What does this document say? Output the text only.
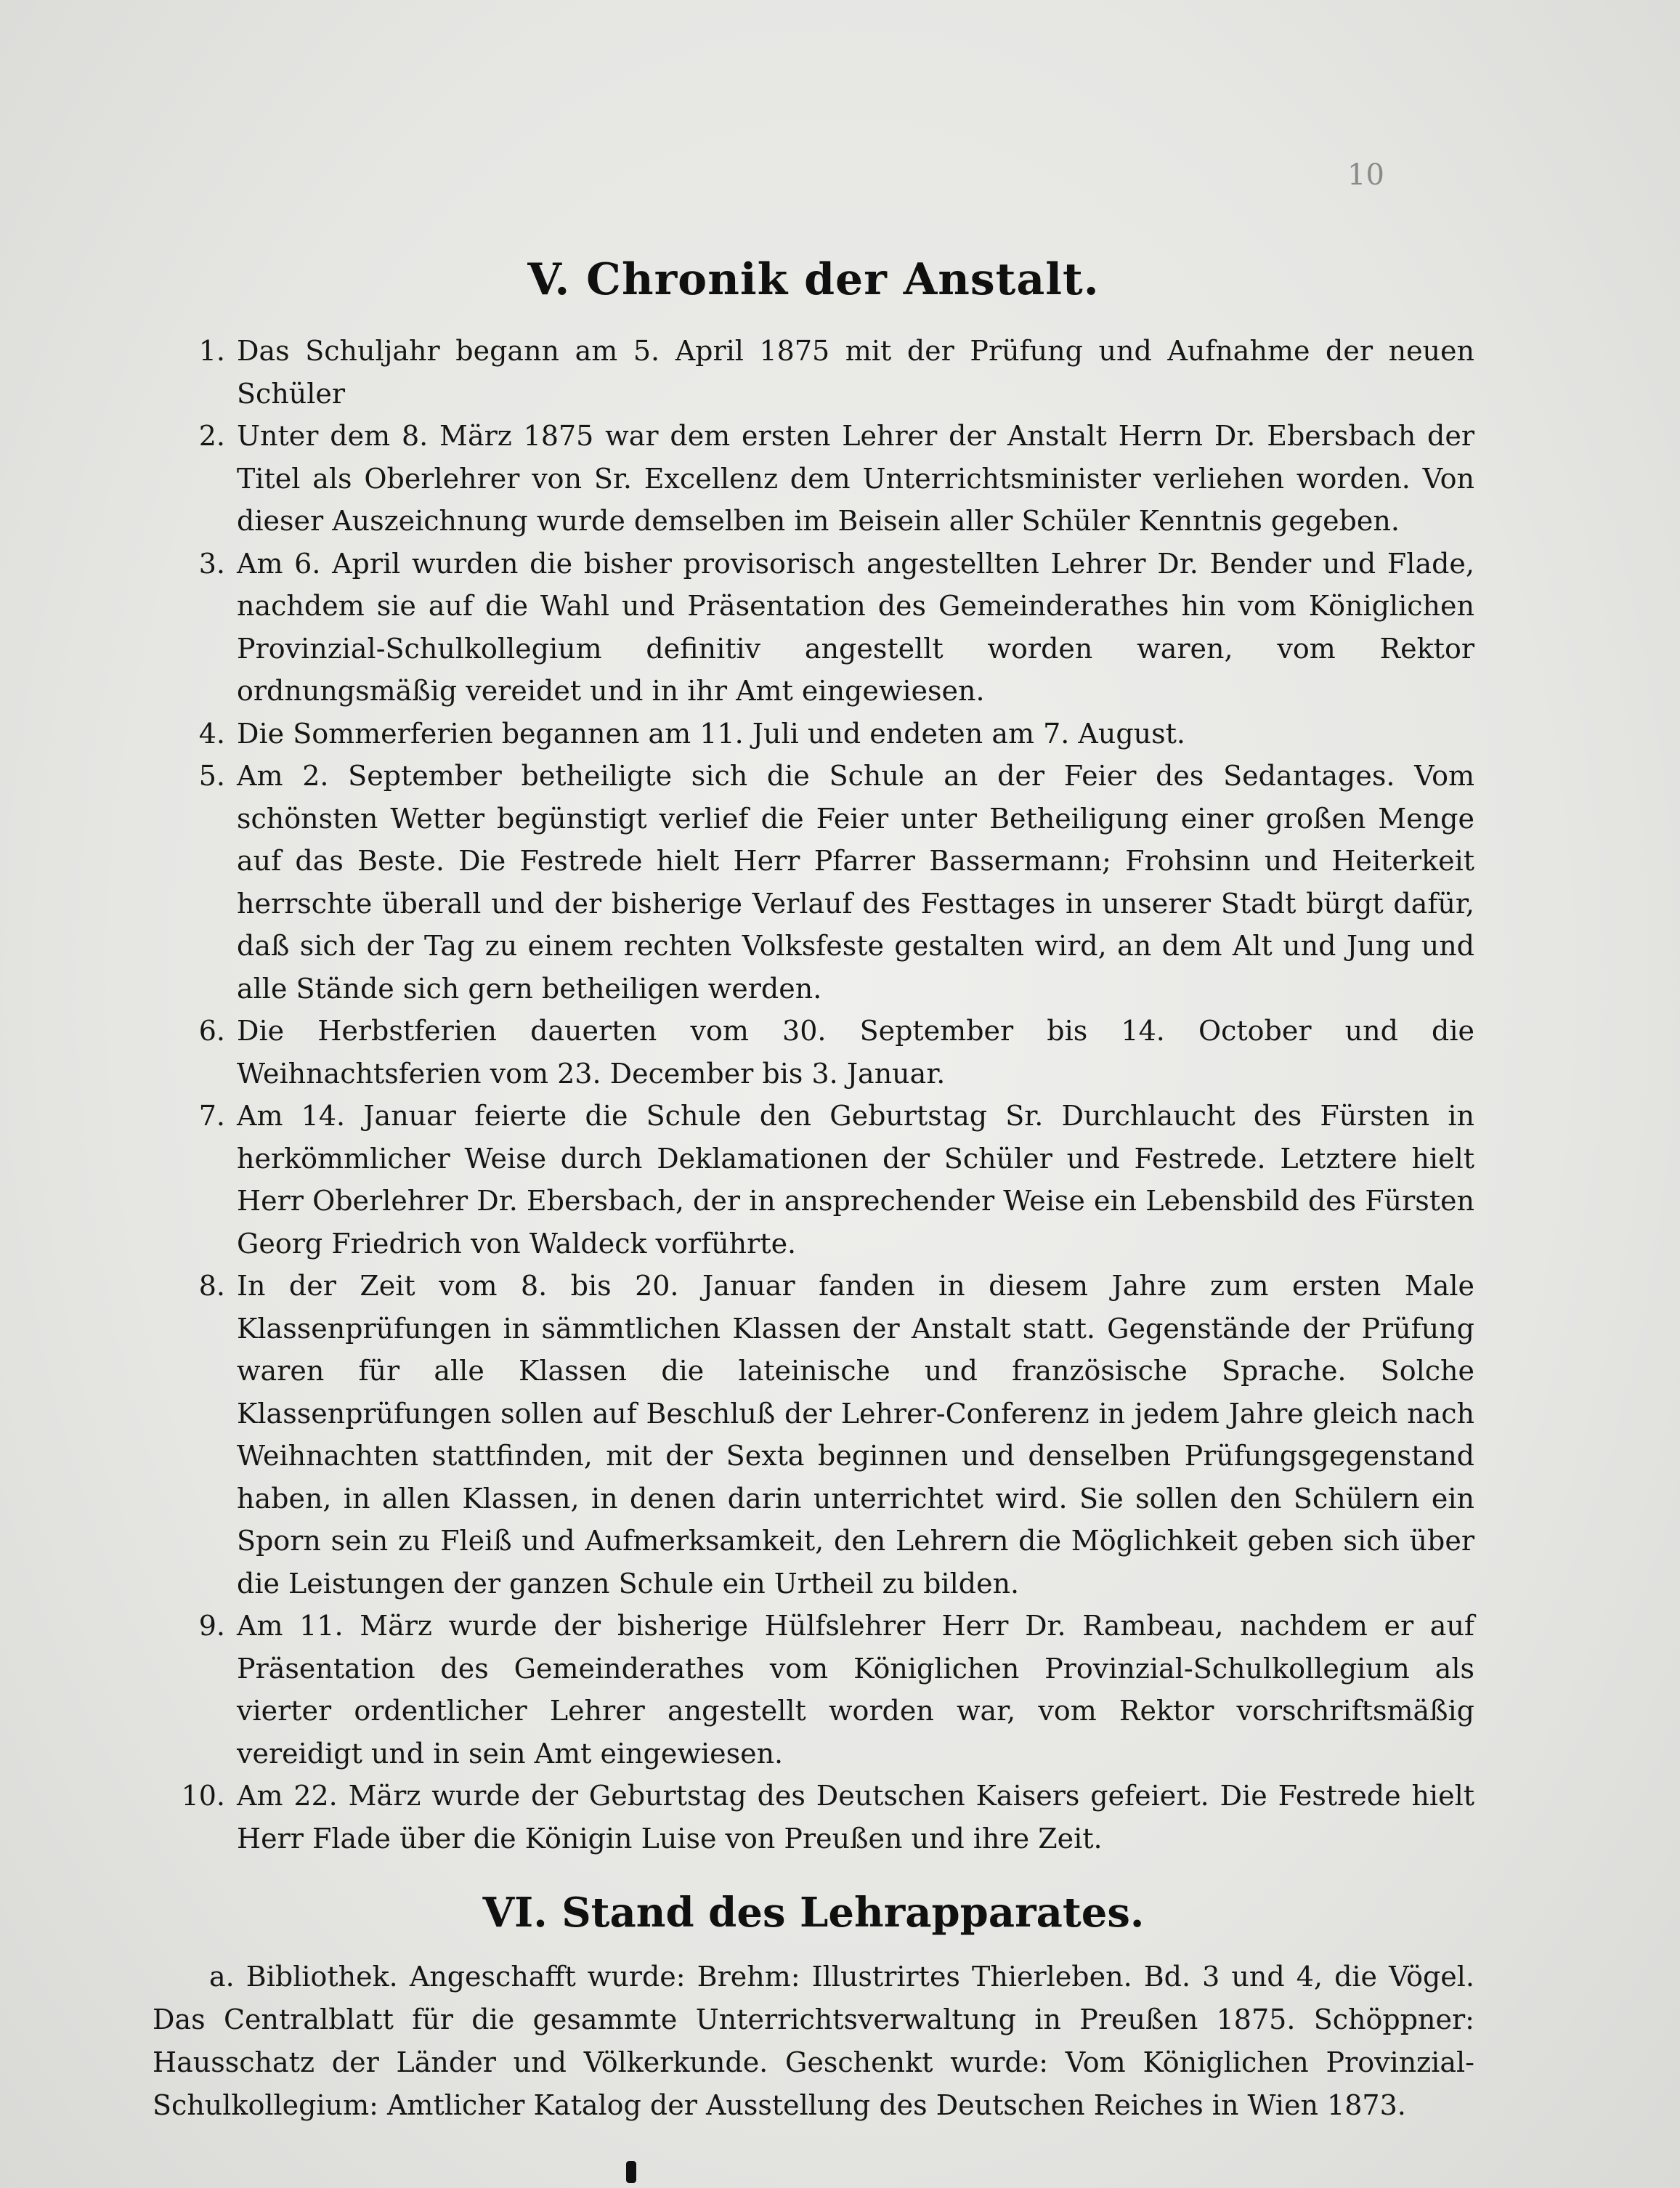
10
V. Chronik der Anstalt.
1. Das Schuljahr begann am 5. April 1875 mit der Prüfung und Aufnahme der neuen Schüler
2. Unter dem 8. März 1875 war dem ersten Lehrer der Anstalt Herrn Dr. Ebersbach der Titel als Oberlehrer von Sr. Excellenz dem Unterrichtsminister verliehen worden. Von dieser Auszeichnung wurde demselben im Beisein aller Schüler Kenntnis gegeben.
3. Am 6. April wurden die bisher provisorisch angestellten Lehrer Dr. Bender und Flade, nachdem sie auf die Wahl und Präsentation des Gemeinderathes hin vom Königlichen Provinzial-Schulkollegium definitiv angestellt worden waren, vom Rektor ordnungsmäßig vereidet und in ihr Amt eingewiesen.
4. Die Sommerferien begannen am 11. Juli und endeten am 7. August.
5. Am 2. September betheiligte sich die Schule an der Feier des Sedantages. Vom schönsten Wetter begünstigt verlief die Feier unter Betheiligung einer großen Menge auf das Beste. Die Festrede hielt Herr Pfarrer Bassermann; Frohsinn und Heiterkeit herrschte überall und der bisherige Verlauf des Festtages in unserer Stadt bürgt dafür, daß sich der Tag zu einem rechten Volksfeste gestalten wird, an dem Alt und Jung und alle Stände sich gern betheiligen werden.
6. Die Herbstferien dauerten vom 30. September bis 14. October und die Weihnachtsferien vom 23. December bis 3. Januar.
7. Am 14. Januar feierte die Schule den Geburtstag Sr. Durchlaucht des Fürsten in herkömmlicher Weise durch Deklamationen der Schüler und Festrede. Letztere hielt Herr Oberlehrer Dr. Ebersbach, der in ansprechender Weise ein Lebensbild des Fürsten Georg Friedrich von Waldeck vorführte.
8. In der Zeit vom 8. bis 20. Januar fanden in diesem Jahre zum ersten Male Klassenprüfungen in sämmtlichen Klassen der Anstalt statt. Gegenstände der Prüfung waren für alle Klassen die lateinische und französische Sprache. Solche Klassenprüfungen sollen auf Beschluß der Lehrer-Conferenz in jedem Jahre gleich nach Weihnachten stattfinden, mit der Sexta beginnen und denselben Prüfungsgegenstand haben, in allen Klassen, in denen darin unterrichtet wird. Sie sollen den Schülern ein Sporn sein zu Fleiß und Aufmerksamkeit, den Lehrern die Möglichkeit geben sich über die Leistungen der ganzen Schule ein Urtheil zu bilden.
9. Am 11. März wurde der bisherige Hülfslehrer Herr Dr. Rambeau, nachdem er auf Präsentation des Gemeinderathes vom Königlichen Provinzial-Schulkollegium als vierter ordentlicher Lehrer angestellt worden war, vom Rektor vorschriftsmäßig vereidigt und in sein Amt eingewiesen.
10. Am 22. März wurde der Geburtstag des Deutschen Kaisers gefeiert. Die Festrede hielt Herr Flade über die Königin Luise von Preußen und ihre Zeit.
VI. Stand des Lehrapparates.

a. Bibliothek. Angeschafft wurde: Brehm: Illustrirtes Thierleben. Bd. 3 und 4, die Vögel. Das Centralblatt für die gesammte Unterrichtsverwaltung in Preußen 1875. Schöppner: Hausschatz der Länder und Völkerkunde. Geschenkt wurde: Vom Königlichen Provinzial-Schulkollegium: Amtlicher Katalog der Ausstellung des Deutschen Reiches in Wien 1873.
